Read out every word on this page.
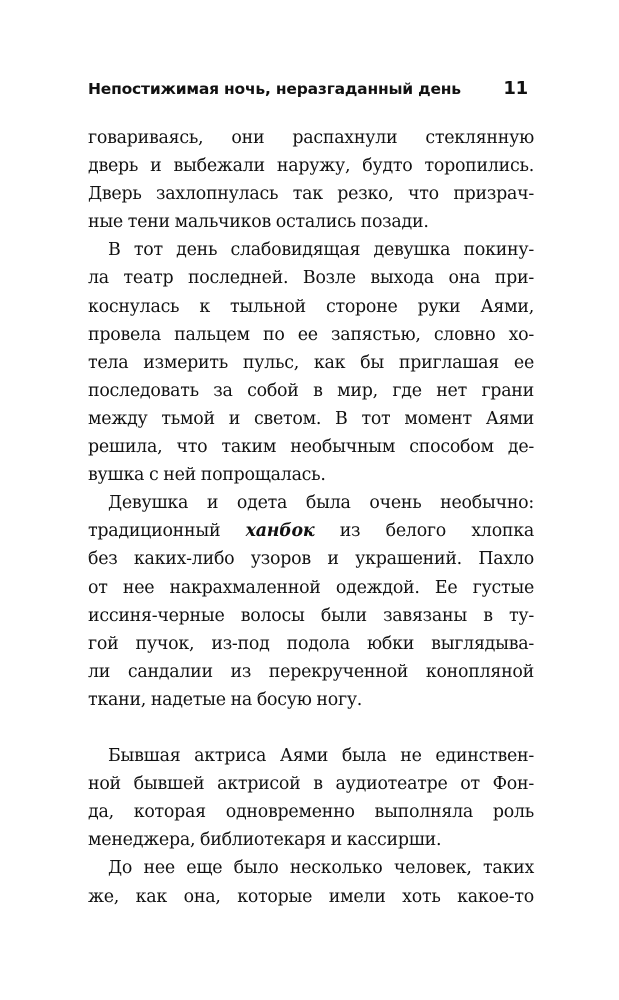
Непостижимая ночь, неразгаданный день 11
говариваясь, они распахнули стеклянную
дверь и выбежали наружу, будто торопились.
Дверь захлопнулась так резко, что призрач-
ные тени мальчиков остались позади.
В тот день слабовидящая девушка покину-
ла театр последней. Возле выхода она при-
коснулась к тыльной стороне руки Аями,
провела пальцем по ее запястью, словно хо-
тела измерить пульс, как бы приглашая ее
последовать за собой в мир, где нет грани
между тьмой и светом. В тот момент Аями
решила, что таким необычным способом де-
вушка с ней попрощалась.
Девушка и одета была очень необычно:
традиционный ханбок из белого хлопка
без каких-либо узоров и украшений. Пахло
от нее накрахмаленной одеждой. Ее густые
иссиня-черные волосы были завязаны в ту-
гой пучок, из-под подола юбки выглядыва-
ли сандалии из перекрученной конопляной
ткани, надетые на босую ногу.
Бывшая актриса Аями была не единствен-
ной бывшей актрисой в аудиотеатре от Фон-
да, которая одновременно выполняла роль
менеджера, библиотекаря и кассирши.
До нее еще было несколько человек, таких
же, как она, которые имели хоть какое-то
